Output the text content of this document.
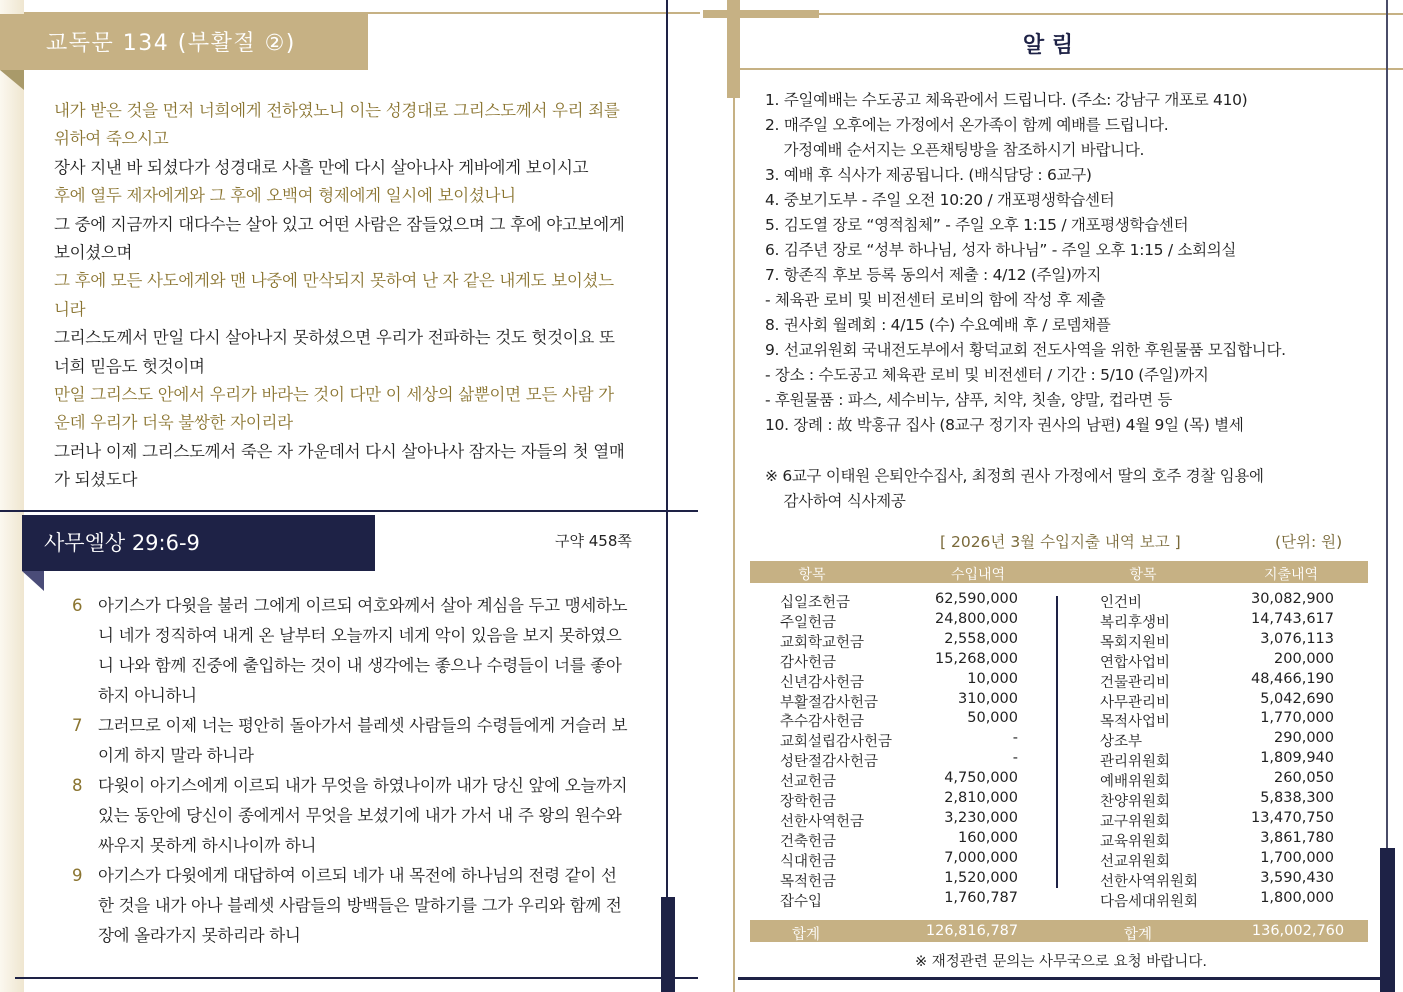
교독문 134 (부활절 ②)
내가 받은 것을 먼저 너희에게 전하였노니 이는 성경대로 그리스도께서 우리 죄를
위하여 죽으시고
장사 지낸 바 되셨다가 성경대로 사흘 만에 다시 살아나사 게바에게 보이시고
후에 열두 제자에게와 그 후에 오백여 형제에게 일시에 보이셨나니
그 중에 지금까지 대다수는 살아 있고 어떤 사람은 잠들었으며 그 후에 야고보에게
보이셨으며
그 후에 모든 사도에게와 맨 나중에 만삭되지 못하여 난 자 같은 내게도 보이셨느
니라
그리스도께서 만일 다시 살아나지 못하셨으면 우리가 전파하는 것도 헛것이요 또
너희 믿음도 헛것이며
만일 그리스도 안에서 우리가 바라는 것이 다만 이 세상의 삶뿐이면 모든 사람 가
운데 우리가 더욱 불쌍한 자이리라
그러나 이제 그리스도께서 죽은 자 가운데서 다시 살아나사 잠자는 자들의 첫 열매
가 되셨도다
사무엘상 29:6-9	구약 458쪽
6 아기스가 다윗을 불러 그에게 이르되 여호와께서 살아 계심을 두고 맹세하노
니 네가 정직하여 내게 온 날부터 오늘까지 네게 악이 있음을 보지 못하였으
니 나와 함께 진중에 출입하는 것이 내 생각에는 좋으나 수령들이 너를 좋아
하지 아니하니
7 그러므로 이제 너는 평안히 돌아가서 블레셋 사람들의 수령들에게 거슬러 보
이게 하지 말라 하니라
8 다윗이 아기스에게 이르되 내가 무엇을 하였나이까 내가 당신 앞에 오늘까지
있는 동안에 당신이 종에게서 무엇을 보셨기에 내가 가서 내 주 왕의 원수와
싸우지 못하게 하시나이까 하니
9 아기스가 다윗에게 대답하여 이르되 네가 내 목전에 하나님의 전령 같이 선
한 것을 내가 아나 블레셋 사람들의 방백들은 말하기를 그가 우리와 함께 전
장에 올라가지 못하리라 하니
알 림
1. 주일예배는 수도공고 체육관에서 드립니다. (주소: 강남구 개포로 410)
2. 매주일 오후에는 가정에서 온가족이 함께 예배를 드립니다.
가정예배 순서지는 오픈채팅방을 참조하시기 바랍니다.
3. 예배 후 식사가 제공됩니다. (배식담당 : 6교구)
4. 중보기도부 - 주일 오전 10:20 / 개포평생학습센터
5. 김도열 장로 “영적침체” - 주일 오후 1:15 / 개포평생학습센터
6. 김주년 장로 “성부 하나님, 성자 하나님” - 주일 오후 1:15 / 소회의실
7. 항존직 후보 등록 동의서 제출 : 4/12 (주일)까지
- 체육관 로비 및 비전센터 로비의 함에 작성 후 제출
8. 권사회 월례회 : 4/15 (수) 수요예배 후 / 로뎀채플
9. 선교위원회 국내전도부에서 황덕교회 전도사역을 위한 후원물품 모집합니다.
- 장소 : 수도공고 체육관 로비 및 비전센터 / 기간 : 5/10 (주일)까지
- 후원물품 : 파스, 세수비누, 샴푸, 치약, 칫솔, 양말, 컵라면 등
10. 장례 : 故 박홍규 집사 (8교구 정기자 권사의 남편) 4월 9일 (목) 별세
※ 6교구 이태원 은퇴안수집사, 최정희 권사 가정에서 딸의 호주 경찰 임용에
감사하여 식사제공
[ 2026년 3월 수입지출 내역 보고 ]	(단위: 원)
항목	수입내역	항목	지출내역
십일조헌금	62,590,000	인건비	30,082,900
주일헌금	24,800,000	복리후생비	14,743,617
교회학교헌금	2,558,000	목회지원비	3,076,113
감사헌금	15,268,000	연합사업비	200,000
신년감사헌금	10,000	건물관리비	48,466,190
부활절감사헌금	310,000	사무관리비	5,042,690
추수감사헌금	50,000	목적사업비	1,770,000
교회설립감사헌금	-	상조부	290,000
성탄절감사헌금	-	관리위원회	1,809,940
선교헌금	4,750,000	예배위원회	260,050
장학헌금	2,810,000	찬양위원회	5,838,300
선한사역헌금	3,230,000	교구위원회	13,470,750
건축헌금	160,000	교육위원회	3,861,780
식대헌금	7,000,000	선교위원회	1,700,000
목적헌금	1,520,000	선한사역위원회	3,590,430
잡수입	1,760,787	다음세대위원회	1,800,000
합계	126,816,787	합계	136,002,760
※ 재정관련 문의는 사무국으로 요청 바랍니다.
